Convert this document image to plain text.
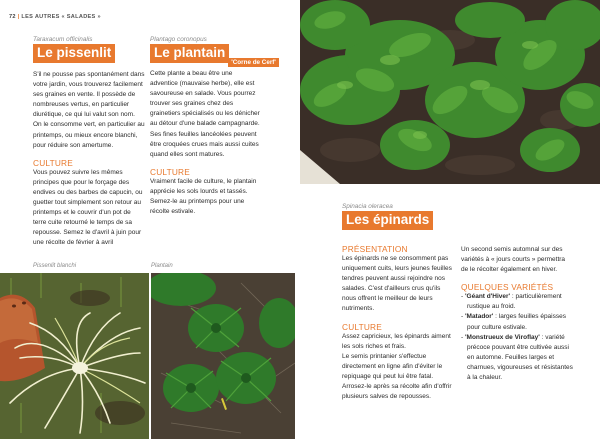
72 | LES AUTRES « SALADES »
Taraxacum officinalis
Le pissenlit
S'il ne pousse pas spontanément dans votre jardin, vous trouverez facilement ses graines en vente. Il possède de nombreuses vertus, en particulier diurétique, ce qui lui valut son nom. On le consomme vert, en particulier au printemps, ou mieux encore blanchi, pour réduire son amertume.
CULTURE
Vous pouvez suivre les mêmes principes que pour le forçage des endives ou des barbes de capucin, ou guetter tout simplement son retour au printemps et le couvrir d'un pot de terre cuite retourné le temps de sa repousse. Semez le d'avril à juin pour une récolte de février à avril
Plantago coronopus
Le plantain'Corne de Cerf'
Cette plante a beau être une adventice (mauvaise herbe), elle est savoureuse en salade. Vous pourrez trouver ses graines chez des grainetiers spécialisés ou les dénicher au détour d'une balade campagnarde.
Ses fines feuilles lancéolées peuvent être croquées crues mais aussi cuites quand elles sont matures.
CULTURE
Vraiment facile de culture, le plantain apprécie les sols lourds et tassés. Semez-le au printemps pour une récolte estivale.
Pissenlit blanchi	Plantain
Spinacia oleracea
Les épinards
PRÉSENTATION
Les épinards ne se consomment pas uniquement cuits, leurs jeunes feuilles tendres peuvent aussi rejoindre nos salades. C'est d'ailleurs crus qu'ils nous offrent le meilleur de leurs nutriments.
CULTURE
Assez capricieux, les épinards aiment les sols riches et frais.
Le semis printanier s'effectue directement en ligne afin d'éviter le repiquage qui peut lui être fatal. Arrosez-le après sa récolte afin d'offrir plusieurs salves de repousses.
Un second semis automnal sur des variétés à « jours courts » permettra de le récolter également en hiver.
QUELQUES VARIÉTÉS
- 'Géant d'Hiver' : particulièrement rustique au froid.
- 'Matador' : larges feuilles épaisses pour culture estivale.
- 'Monstrueux de Viroflay' : variété précoce pouvant être cultivée aussi en automne. Feuilles larges et charnues, vigoureuses et résistantes à la chaleur.
